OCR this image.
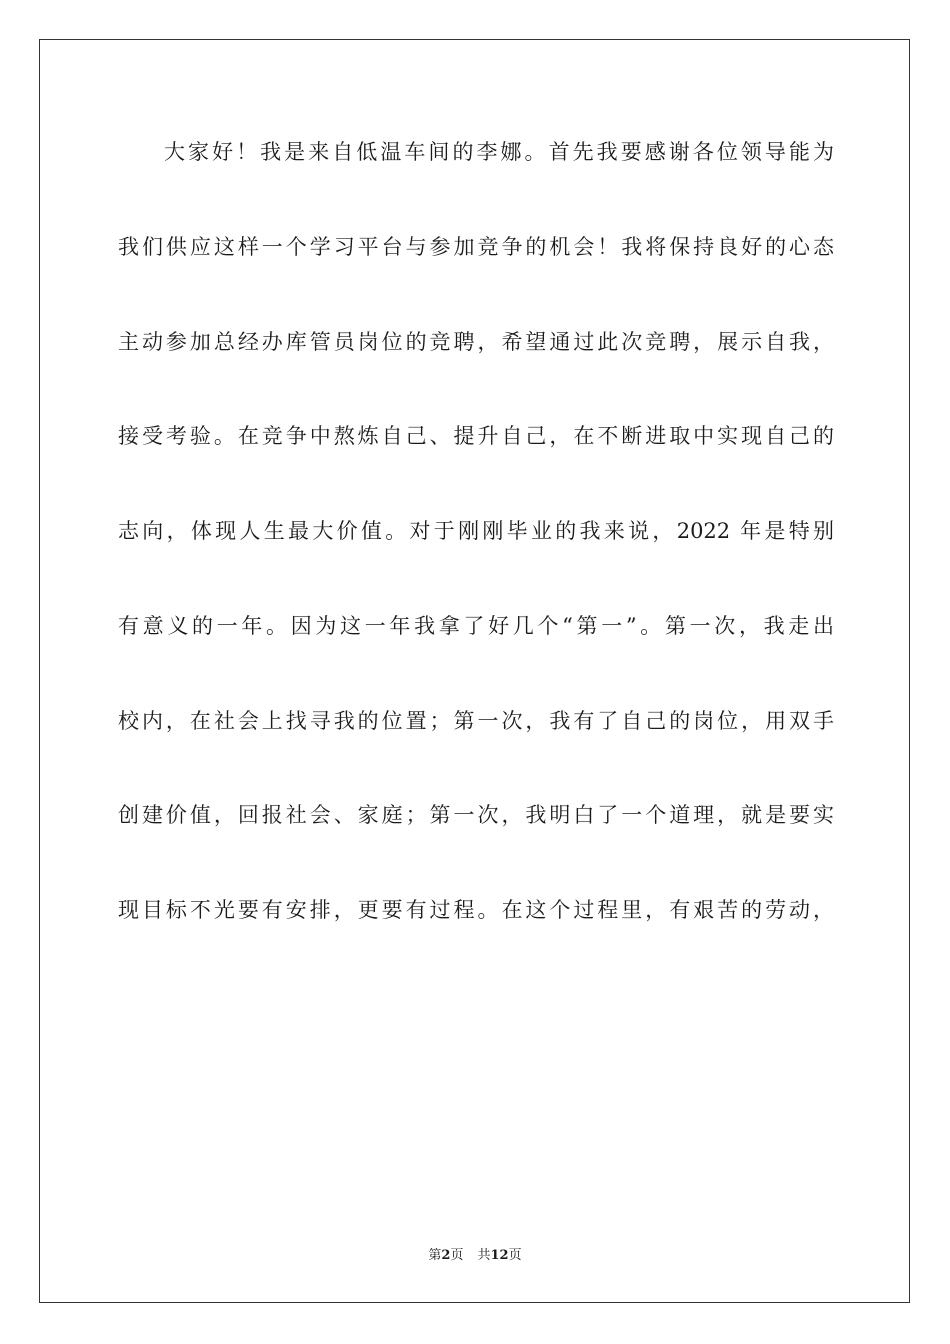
大家好！我是来自低温车间的李娜。首先我要感谢各位领导能为
我们供应这样一个学习平台与参加竞争的机会！我将保持良好的心态
主动参加总经办库管员岗位的竞聘，希望通过此次竞聘，展示自我，
接受考验。在竞争中熬炼自己、提升自己，在不断进取中实现自己的
志向，体现人生最大价值。对于刚刚毕业的我来说，2022 年是特别
有意义的一年。因为这一年我拿了好几个“第一”。第一次，我走出
校内，在社会上找寻我的位置；第一次，我有了自己的岗位，用双手
创建价值，回报社会、家庭；第一次，我明白了一个道理，就是要实
现目标不光要有安排，更要有过程。在这个过程里，有艰苦的劳动，
第2页 共12页
